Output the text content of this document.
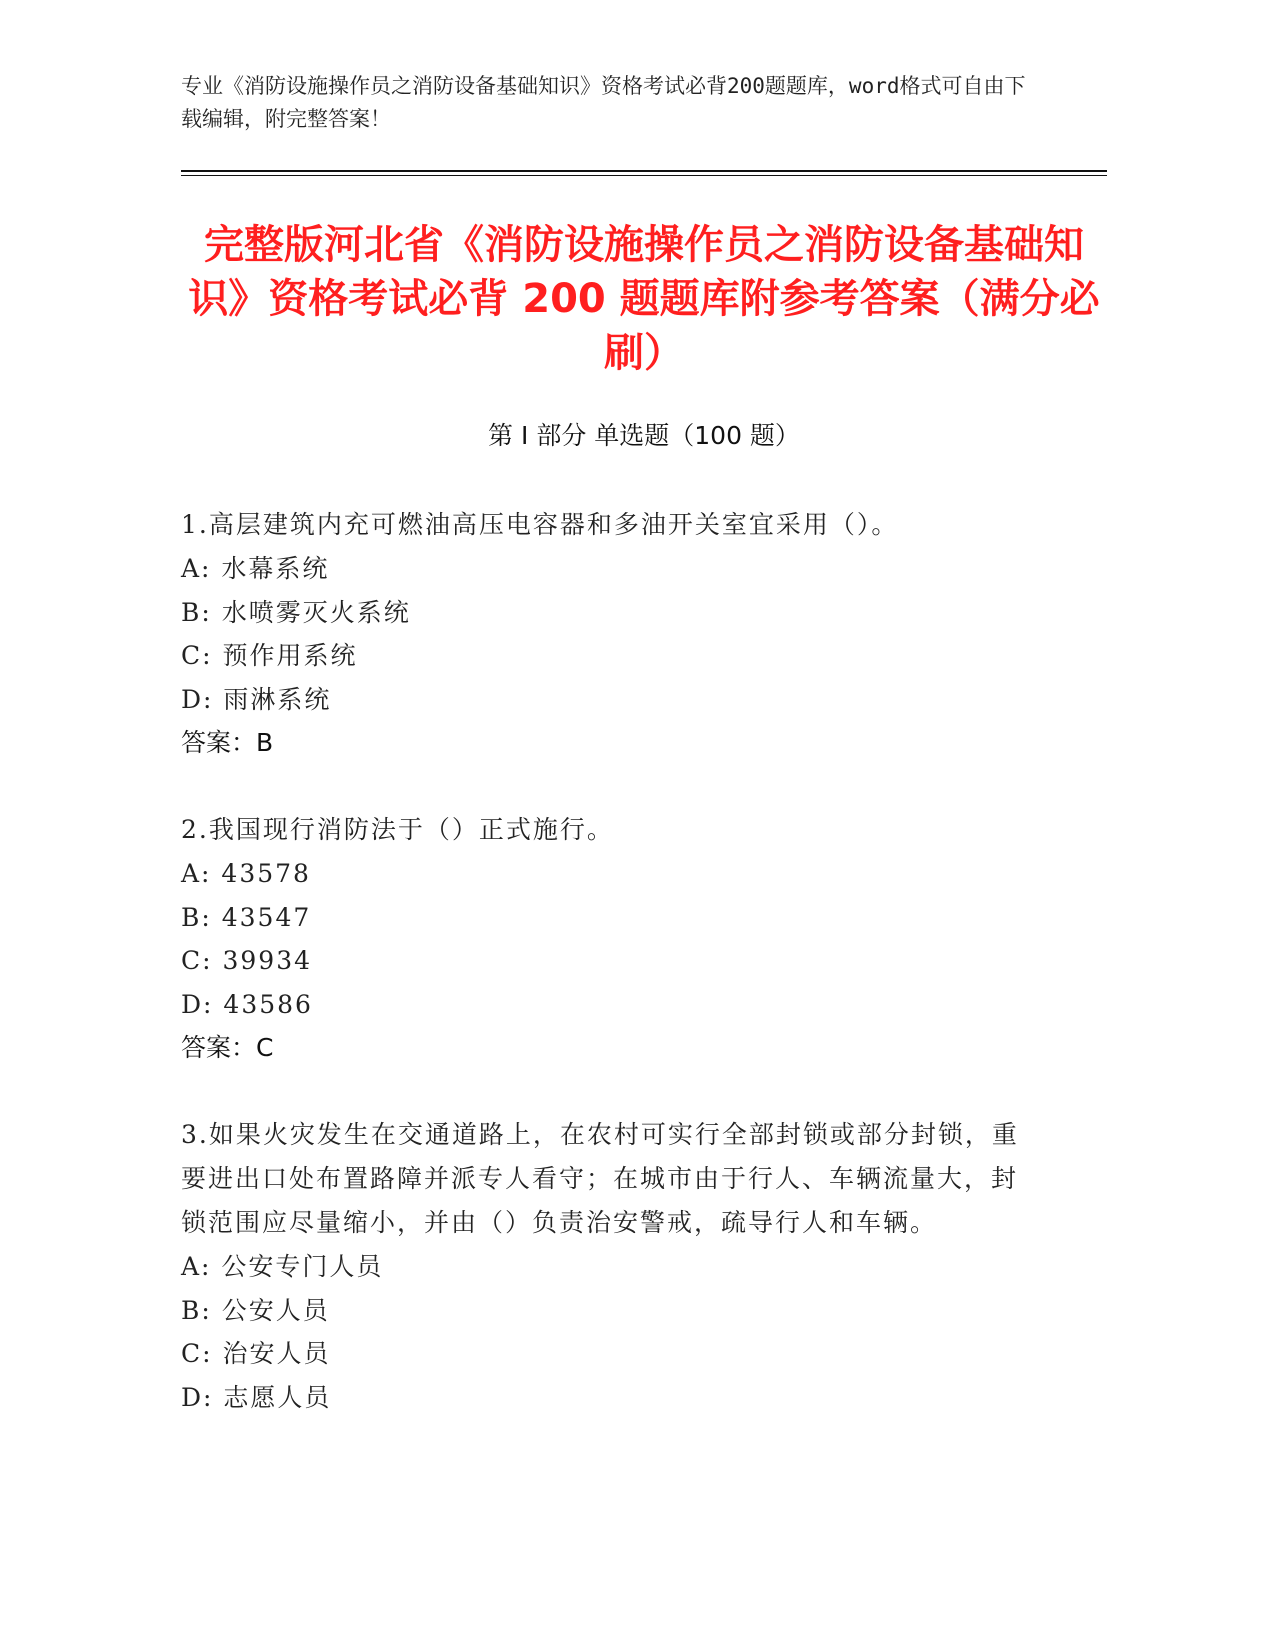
专业《消防设施操作员之消防设备基础知识》资格考试必背200题题库，word格式可自由下载编辑，附完整答案！
完整版河北省《消防设施操作员之消防设备基础知识》资格考试必背 200 题题库附参考答案（满分必刷）
第 I 部分 单选题（100 题）
1.高层建筑内充可燃油高压电容器和多油开关室宜采用（）。
A: 水幕系统
B: 水喷雾灭火系统
C: 预作用系统
D: 雨淋系统
答案：B
2.我国现行消防法于（）正式施行。
A: 43578
B: 43547
C: 39934
D: 43586
答案：C
3.如果火灾发生在交通道路上，在农村可实行全部封锁或部分封锁，重要进出口处布置路障并派专人看守；在城市由于行人、车辆流量大，封锁范围应尽量缩小，并由（）负责治安警戒，疏导行人和车辆。
A: 公安专门人员
B: 公安人员
C: 治安人员
D: 志愿人员
